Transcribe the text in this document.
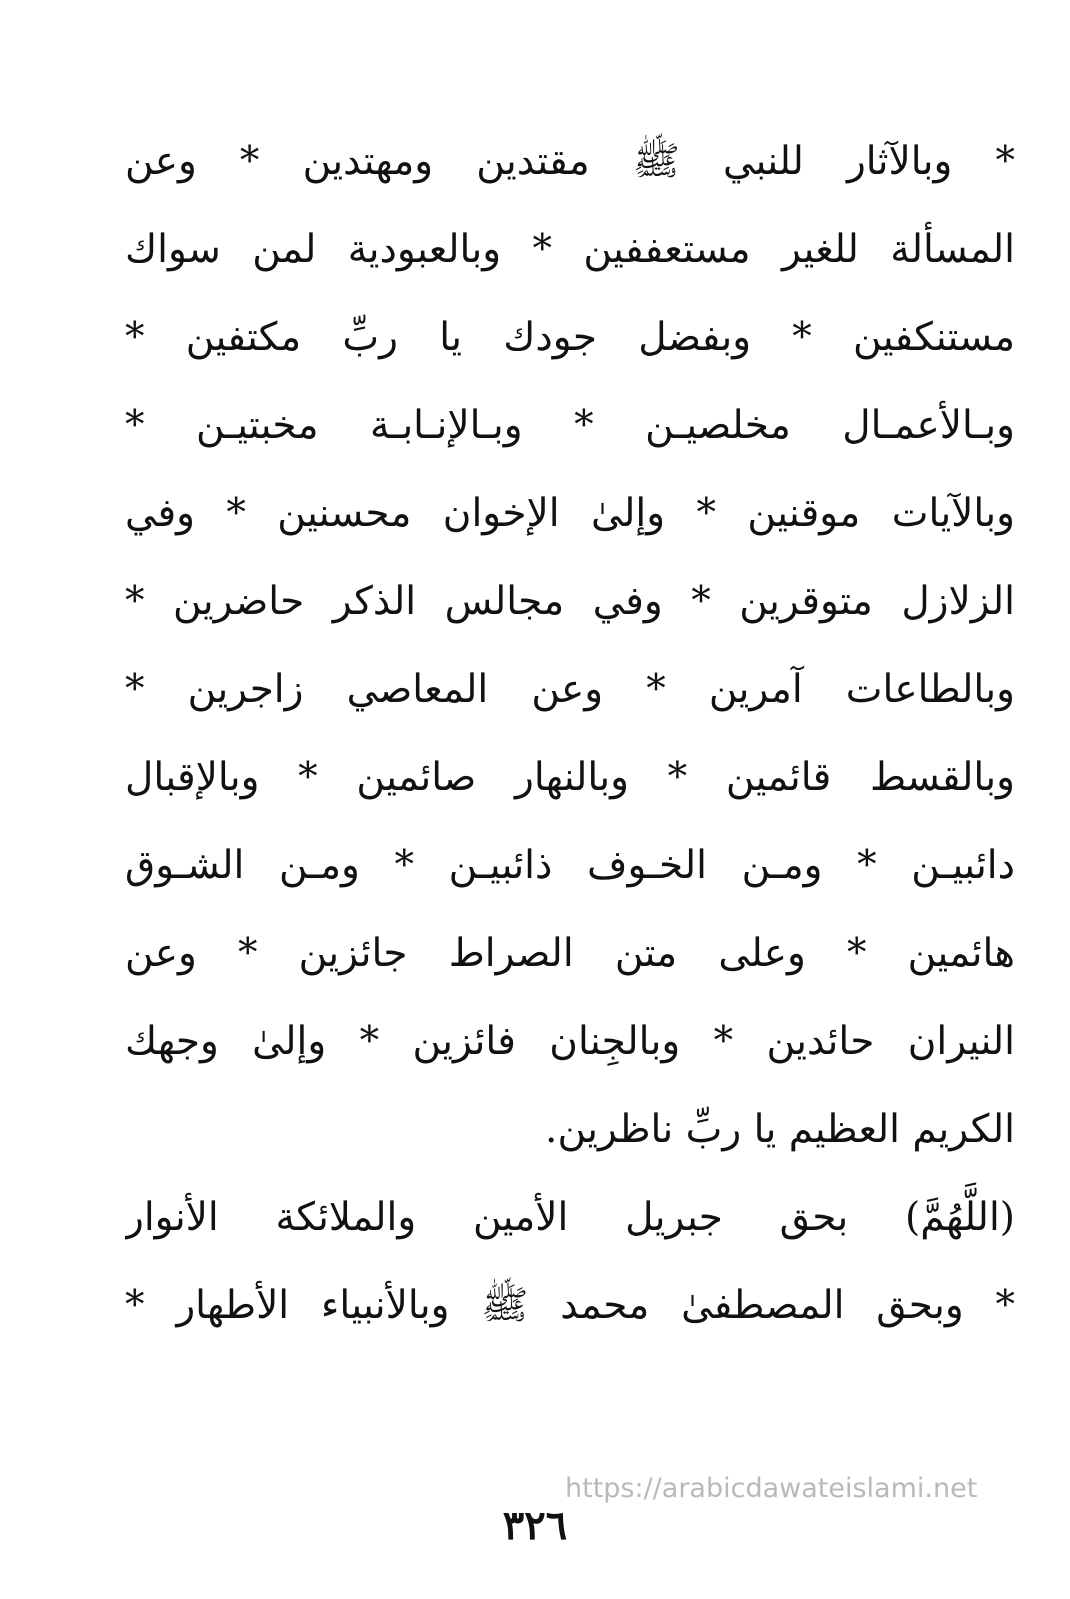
* وبالآثار للنبي ﷺ مقتدين ومهتدين * وعن
المسألة للغير مستعففين * وبالعبودية لمن سواك
مستنكفين * وبفضل جودك يا ربِّ مكتفين *
وبـالأعمـال مخلصيـن * وبـالإنـابـة مخبتيـن *
وبالآيات موقنين * وإلىٰ الإخوان محسنين * وفي
الزلازل متوقرين * وفي مجالس الذكر حاضرين *
وبالطاعات آمرين * وعن المعاصي زاجرين *
وبالقسط قائمين * وبالنهار صائمين * وبالإقبال
دائبيـن * ومـن الخـوف ذائبيـن * ومـن الشـوق
هائمين * وعلى متن الصراط جائزين * وعن
النيران حائدين * وبالجِنان فائزين * وإلىٰ وجهك
الكريم العظيم يا ربِّ ناظرين.
(اللَّهُمَّ) بحق جبريل الأمين والملائكة الأنوار
* وبحق المصطفىٰ محمد ﷺ وبالأنبياء الأطهار *
https://arabicdawateislami.net
٣٢٦
